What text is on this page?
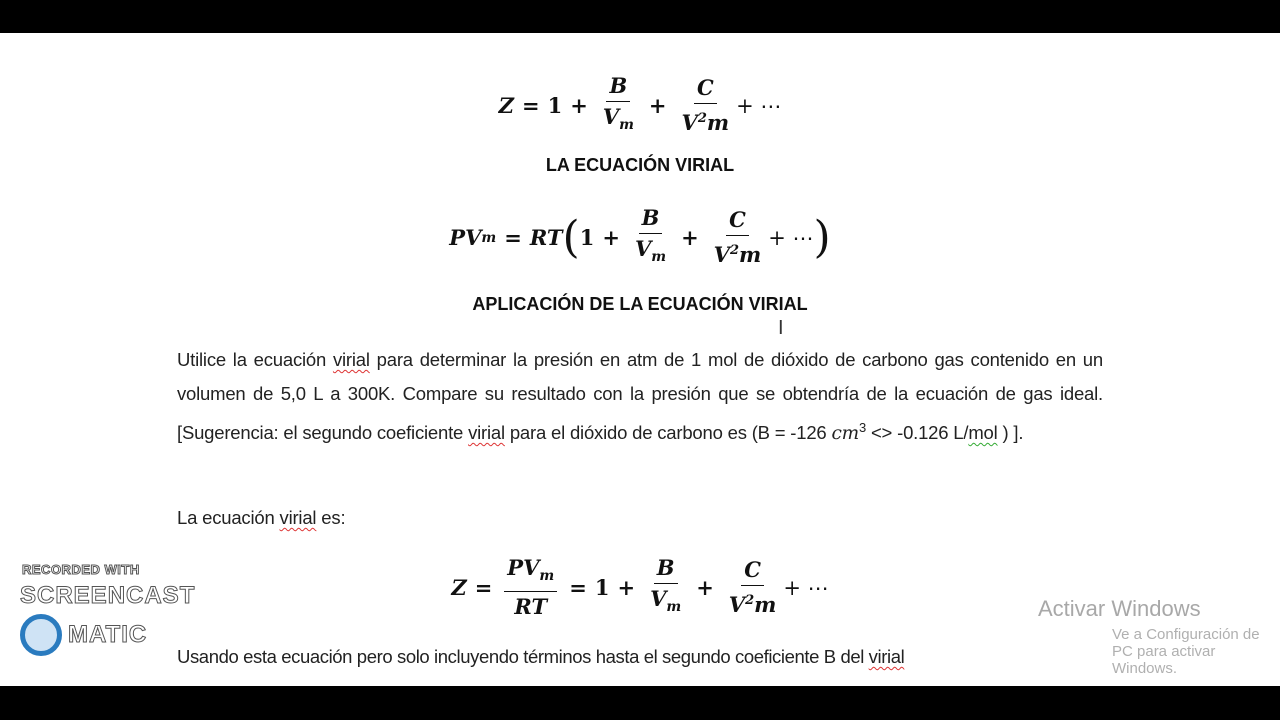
$Z = 1 + \frac{B}{V_m} + \frac{C}{V^2m}$ + ⋯
LA ECUACIÓN VIRIAL
PV m = RT ( $1 + \frac{B}{V_m} + \frac{C}{V^2m}$ + ⋯ )
APLICACIÓN DE LA ECUACIÓN VIRIAL
I
Utilice la ecuación virial para determinar la presión en atm de 1 mol de dióxido de carbono gas contenido en un volumen de 5,0 L a 300K. Compare su resultado con la presión que se obtendría de la ecuación de gas ideal. [Sugerencia: el segundo coeficiente virial para el dióxido de carbono es (B = -126 $cm^3 <> -0.126$ L/mol ) ].
La ecuación virial es:
$Z = \frac{PV_m}{RT} = 1 + \frac{B}{V_m} + \frac{C}{V^2m}$ + ⋯
Usando esta ecuación pero solo incluyendo términos hasta el segundo coeficiente B del virial
RECORDED WITH
SCREENCAST
MATIC
Activar Windows
Ve a Configuración de PC para activar Windows.
